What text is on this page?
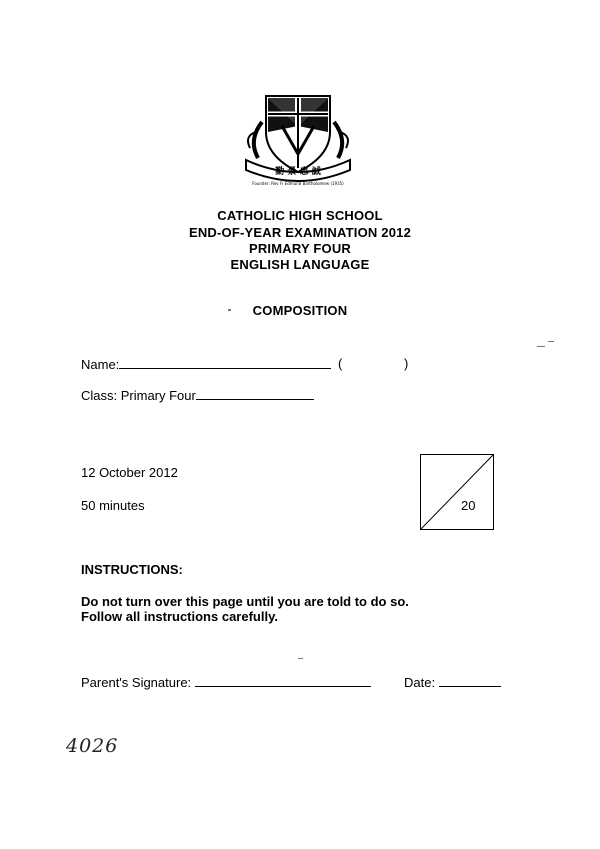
勤 景 忠 誠
Founder: Rev Fr Edmund Bartholomew (1935)
CATHOLIC HIGH SCHOOL
END-OF-YEAR EXAMINATION 2012
PRIMARY FOUR
ENGLISH LANGUAGE
COMPOSITION
Name:	(	)
Class: Primary Four
12 October 2012
50 minutes	20
INSTRUCTIONS:
Do not turn over this page until you are told to do so.
Follow all instructions carefully.
Parent's Signature:	Date:
4026
